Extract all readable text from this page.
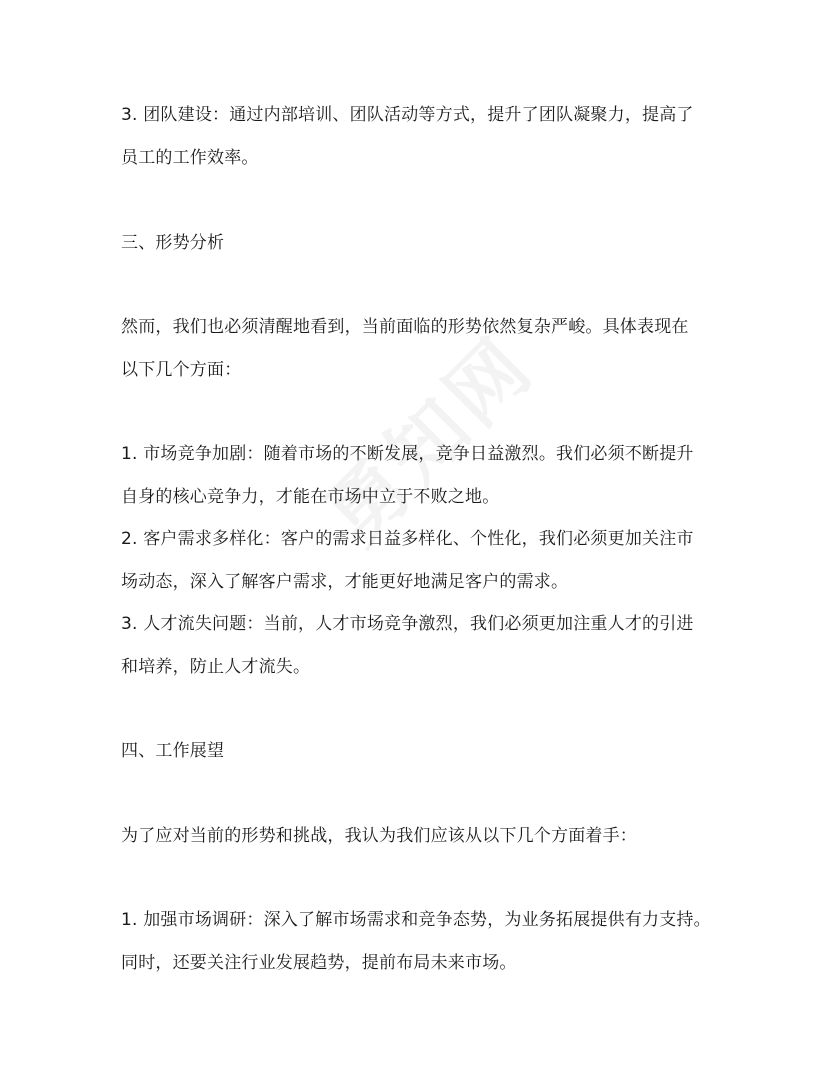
3. 团队建设：通过内部培训、团队活动等方式，提升了团队凝聚力，提高了
员工的工作效率。
三、形势分析
然而，我们也必须清醒地看到，当前面临的形势依然复杂严峻。具体表现在
以下几个方面：
1. 市场竞争加剧：随着市场的不断发展，竞争日益激烈。我们必须不断提升
自身的核心竞争力，才能在市场中立于不败之地。
2. 客户需求多样化：客户的需求日益多样化、个性化，我们必须更加关注市
场动态，深入了解客户需求，才能更好地满足客户的需求。
3. 人才流失问题：当前，人才市场竞争激烈，我们必须更加注重人才的引进
和培养，防止人才流失。
四、工作展望
为了应对当前的形势和挑战，我认为我们应该从以下几个方面着手：
1. 加强市场调研：深入了解市场需求和竞争态势，为业务拓展提供有力支持。
同时，还要关注行业发展趋势，提前布局未来市场。
